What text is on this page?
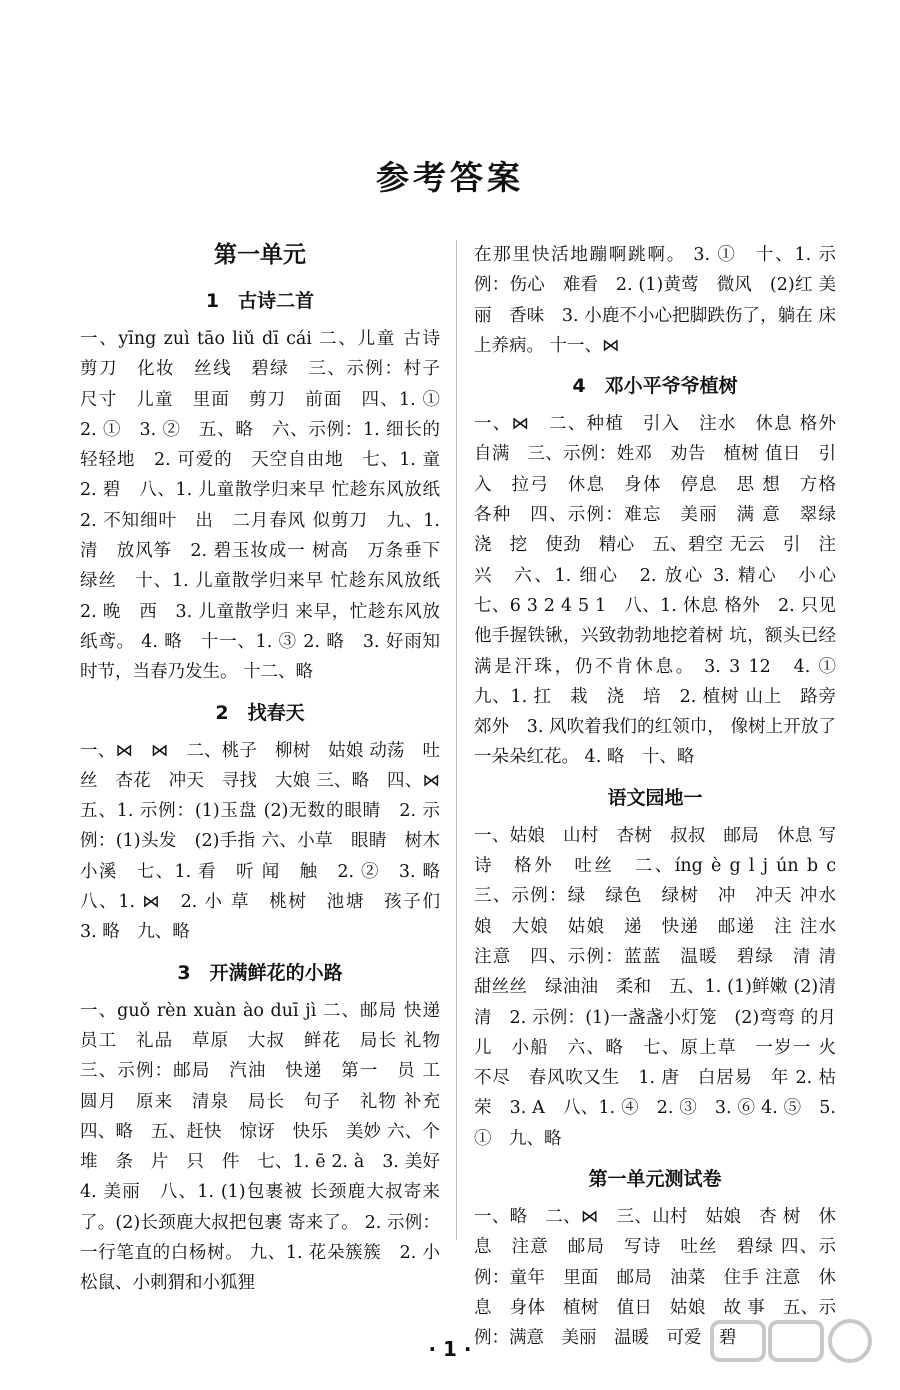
参考答案
第一单元
1　古诗二首

一、yīng zuì tāo liǔ dī cái 二、儿童 古诗　剪刀　化妆　丝线　碧绿　三、示例：村子　尺寸　儿童　里面　剪刀　前面　四、1. ①　2. ①　3. ②　五、略　六、示例：1. 细长的　轻轻地　2. 可爱的　天空自由地　七、1. 童　2. 碧　八、1. 儿童散学归来早 忙趁东风放纸　2. 不知细叶　出　二月春风 似剪刀　九、1. 清　放风筝　2. 碧玉妆成一 树高　万条垂下绿丝　十、1. 儿童散学归来早 忙趁东风放纸　2. 晚　西　3. 儿童散学归 来早，忙趁东风放纸鸢。 4. 略　十一、1. ③ 2. 略　3. 好雨知时节，当春乃发生。 十二、略

2　找春天

一、⋈　⋈　二、桃子　柳树　姑娘 动荡　吐丝　杏花　冲天　寻找　大娘 三、略　四、⋈　五、1. 示例：(1)玉盘 (2)无数的眼睛　2. 示例：(1)头发　(2)手指 六、小草　眼睛　树木　小溪　七、1. 看　听 闻　触　2. ②　3. 略　八、1. ⋈　2. 小 草　桃树　池塘　孩子们　3. 略　九、略

3　开满鲜花的小路

一、guǒ rèn xuàn ào duī jì 二、邮局 快递　员工　礼品　草原　大叔　鲜花　局长 礼物　三、示例：邮局　汽油　快递　第一　员 工　圆月　原来　清泉　局长　句子　礼物 补充　四、略　五、赶快　惊讶　快乐　美妙 六、个　堆　条　片　只　件　七、1. ē 2. à　3. 美好　4. 美丽　八、1. (1)包裹被 长颈鹿大叔寄来了。(2)长颈鹿大叔把包裹 寄来了。 2. 示例：一行笔直的白杨树。 九、1. 花朵簇簇　2. 小松鼠、小刺猬和小狐狸

在那里快活地蹦啊跳啊。 3. ①　十、1. 示 例：伤心　难看　2. (1)黄莺　微风　(2)红 美丽　香味　3. 小鹿不小心把脚跌伤了，躺在 床上养病。 十一、⋈

4　邓小平爷爷植树

一、⋈　二、种植　引入　注水　休息 格外　自满　三、示例：姓邓　劝告　植树 值日　引入　拉弓　休息　身体　停息　思 想　方格　各种　四、示例：难忘　美丽　满 意　翠绿　浇　挖　使劲　精心　五、碧空 无云　引　注　兴　六、1. 细心　2. 放心 3. 精心　小心　七、6 3 2 4 5 1　八、1. 休息 格外　2. 只见他手握铁锹，兴致勃勃地挖着树 坑，额头已经满是汗珠，仍不肯休息。 3. 3 12　4. ①　九、1. 扛　栽　浇　培　2. 植树 山上　路旁　郊外　3. 风吹着我们的红领巾， 像树上开放了一朵朵红花。 4. 略　十、略

语文园地一

一、姑娘　山村　杏树　叔叔　邮局　休息 写诗　格外　吐丝　二、íng è g l j ún b c　三、示例：绿　绿色　绿树　冲　冲天 冲水　娘　大娘　姑娘　递　快递　邮递　注 注水　注意　四、示例：蓝蓝　温暖　碧绿　清 清　甜丝丝　绿油油　柔和　五、1. (1)鲜嫩 (2)清清　2. 示例：(1)一盏盏小灯笼　(2)弯弯 的月儿　小船　六、略　七、原上草　一岁一 火　不尽　春风吹又生　1. 唐　白居易　年 2. 枯　荣　3. A　八、1. ④　2. ③　3. ⑥ 4. ⑤　5. ①　九、略

第一单元测试卷

一、略　二、⋈　三、山村　姑娘　杏 树　休息　注意　邮局　写诗　吐丝　碧绿 四、示例：童年　里面　邮局　油菜　住手 注意　休息　身体　植树　值日　姑娘　故 事　五、示例：满意　美丽　温暖　可爱　碧

· 1 ·
